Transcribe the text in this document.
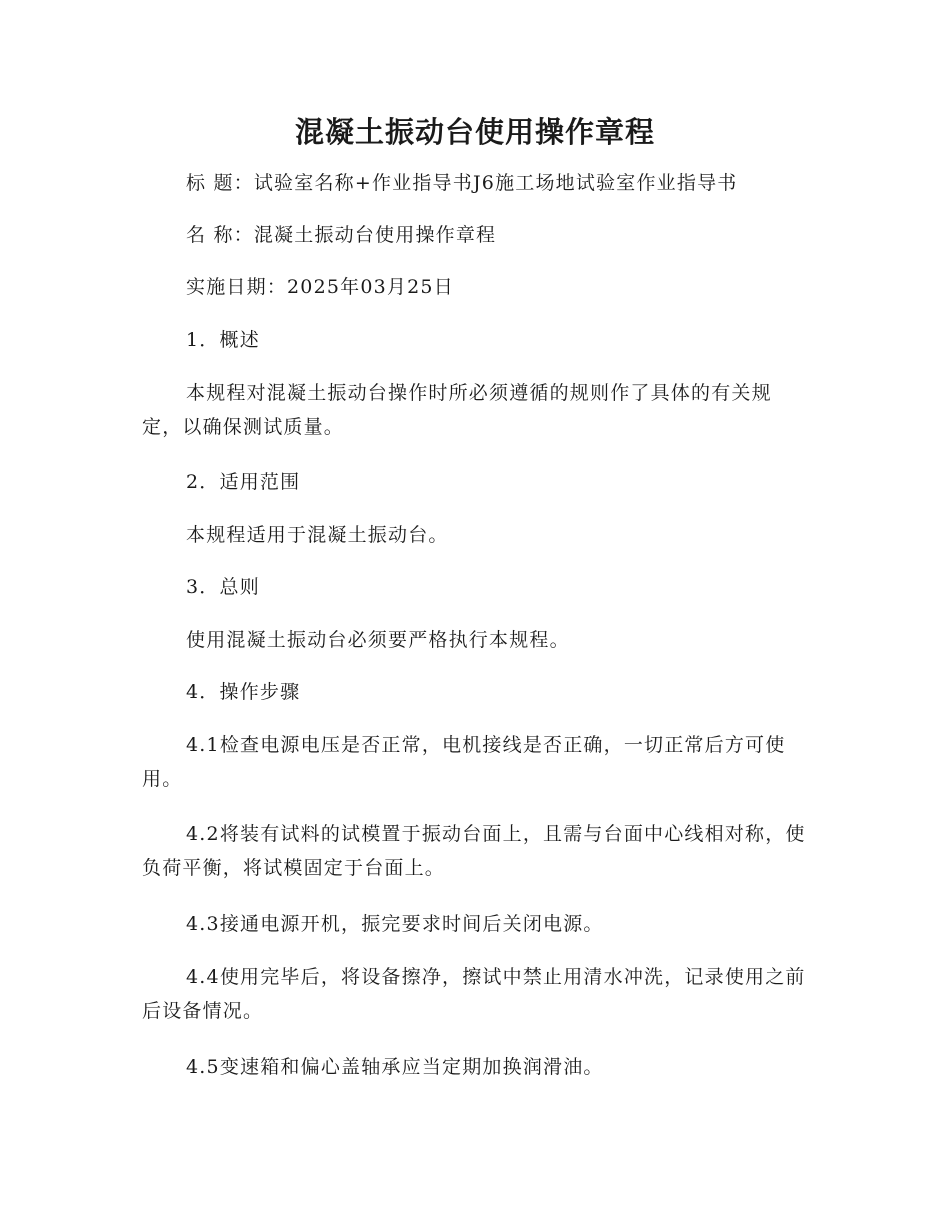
混凝土振动台使用操作章程

标 题：试验室名称+作业指导书J6施工场地试验室作业指导书

名 称：混凝土振动台使用操作章程

实施日期：2025年03月25日

1．概述

本规程对混凝土振动台操作时所必须遵循的规则作了具体的有关规定，以确保测试质量。

2．适用范围

本规程适用于混凝土振动台。

3．总则

使用混凝土振动台必须要严格执行本规程。

4．操作步骤

4.1检查电源电压是否正常，电机接线是否正确，一切正常后方可使用。

4.2将装有试料的试模置于振动台面上，且需与台面中心线相对称，使负荷平衡，将试模固定于台面上。

4.3接通电源开机，振完要求时间后关闭电源。

4.4使用完毕后，将设备擦净，擦试中禁止用清水冲洗，记录使用之前后设备情况。

4.5变速箱和偏心盖轴承应当定期加换润滑油。
